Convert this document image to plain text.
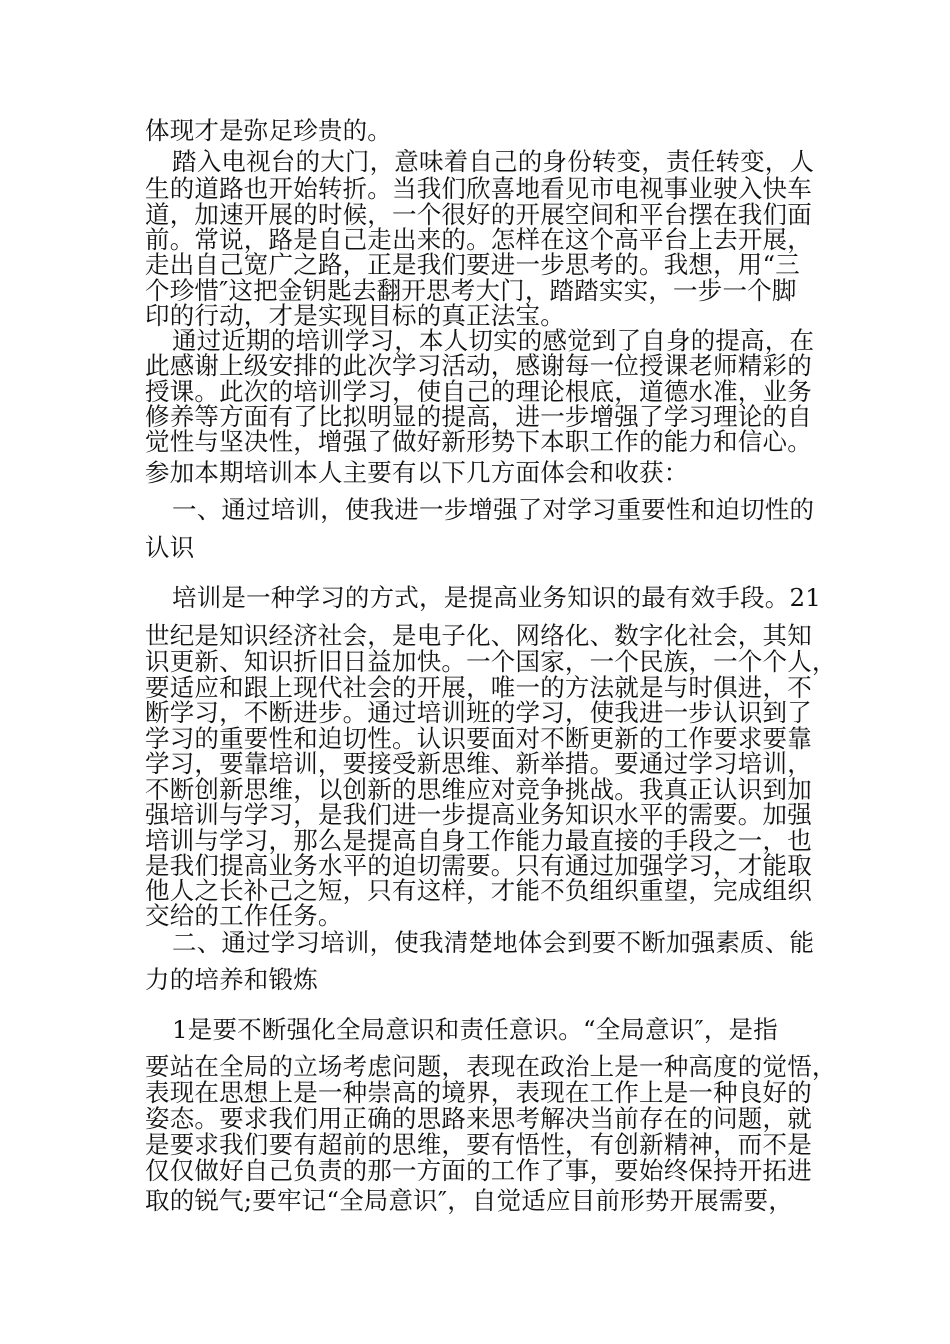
体现才是弥足珍贵的。
踏入电视台的大门，意味着自己的身份转变，责任转变，人
生的道路也开始转折。当我们欣喜地看见市电视事业驶入快车
道，加速开展的时候，一个很好的开展空间和平台摆在我们面
前。常说，路是自己走出来的。怎样在这个高平台上去开展，
走出自己宽广之路，正是我们要进一步思考的。我想，用“三
个珍惜″这把金钥匙去翻开思考大门，踏踏实实，一步一个脚
印的行动，才是实现目标的真正法宝。
通过近期的培训学习，本人切实的感觉到了自身的提高，在
此感谢上级安排的此次学习活动，感谢每一位授课老师精彩的
授课。此次的培训学习，使自己的理论根底，道德水准，业务
修养等方面有了比拟明显的提高，进一步增强了学习理论的自
觉性与坚决性，增强了做好新形势下本职工作的能力和信心。
参加本期培训本人主要有以下几方面体会和收获：
一、通过培训，使我进一步增强了对学习重要性和迫切性的
认识
培训是一种学习的方式，是提高业务知识的最有效手段。21
世纪是知识经济社会，是电子化、网络化、数字化社会，其知
识更新、知识折旧日益加快。一个国家，一个民族，一个个人，
要适应和跟上现代社会的开展，唯一的方法就是与时俱进，不
断学习，不断进步。通过培训班的学习，使我进一步认识到了
学习的重要性和迫切性。认识要面对不断更新的工作要求要靠
学习，要靠培训，要接受新思维、新举措。要通过学习培训，
不断创新思维，以创新的思维应对竞争挑战。我真正认识到加
强培训与学习，是我们进一步提高业务知识水平的需要。加强
培训与学习，那么是提高自身工作能力最直接的手段之一，也
是我们提高业务水平的迫切需要。只有通过加强学习，才能取
他人之长补己之短，只有这样，才能不负组织重望，完成组织
交给的工作任务。
二、通过学习培训，使我清楚地体会到要不断加强素质、能
力的培养和锻炼
1是要不断强化全局意识和责任意识。“全局意识″，是指
要站在全局的立场考虑问题，表现在政治上是一种高度的觉悟，
表现在思想上是一种崇高的境界，表现在工作上是一种良好的
姿态。要求我们用正确的思路来思考解决当前存在的问题，就
是要求我们要有超前的思维，要有悟性，有创新精神，而不是
仅仅做好自己负责的那一方面的工作了事，要始终保持开拓进
取的锐气;要牢记“全局意识″，自觉适应目前形势开展需要，
